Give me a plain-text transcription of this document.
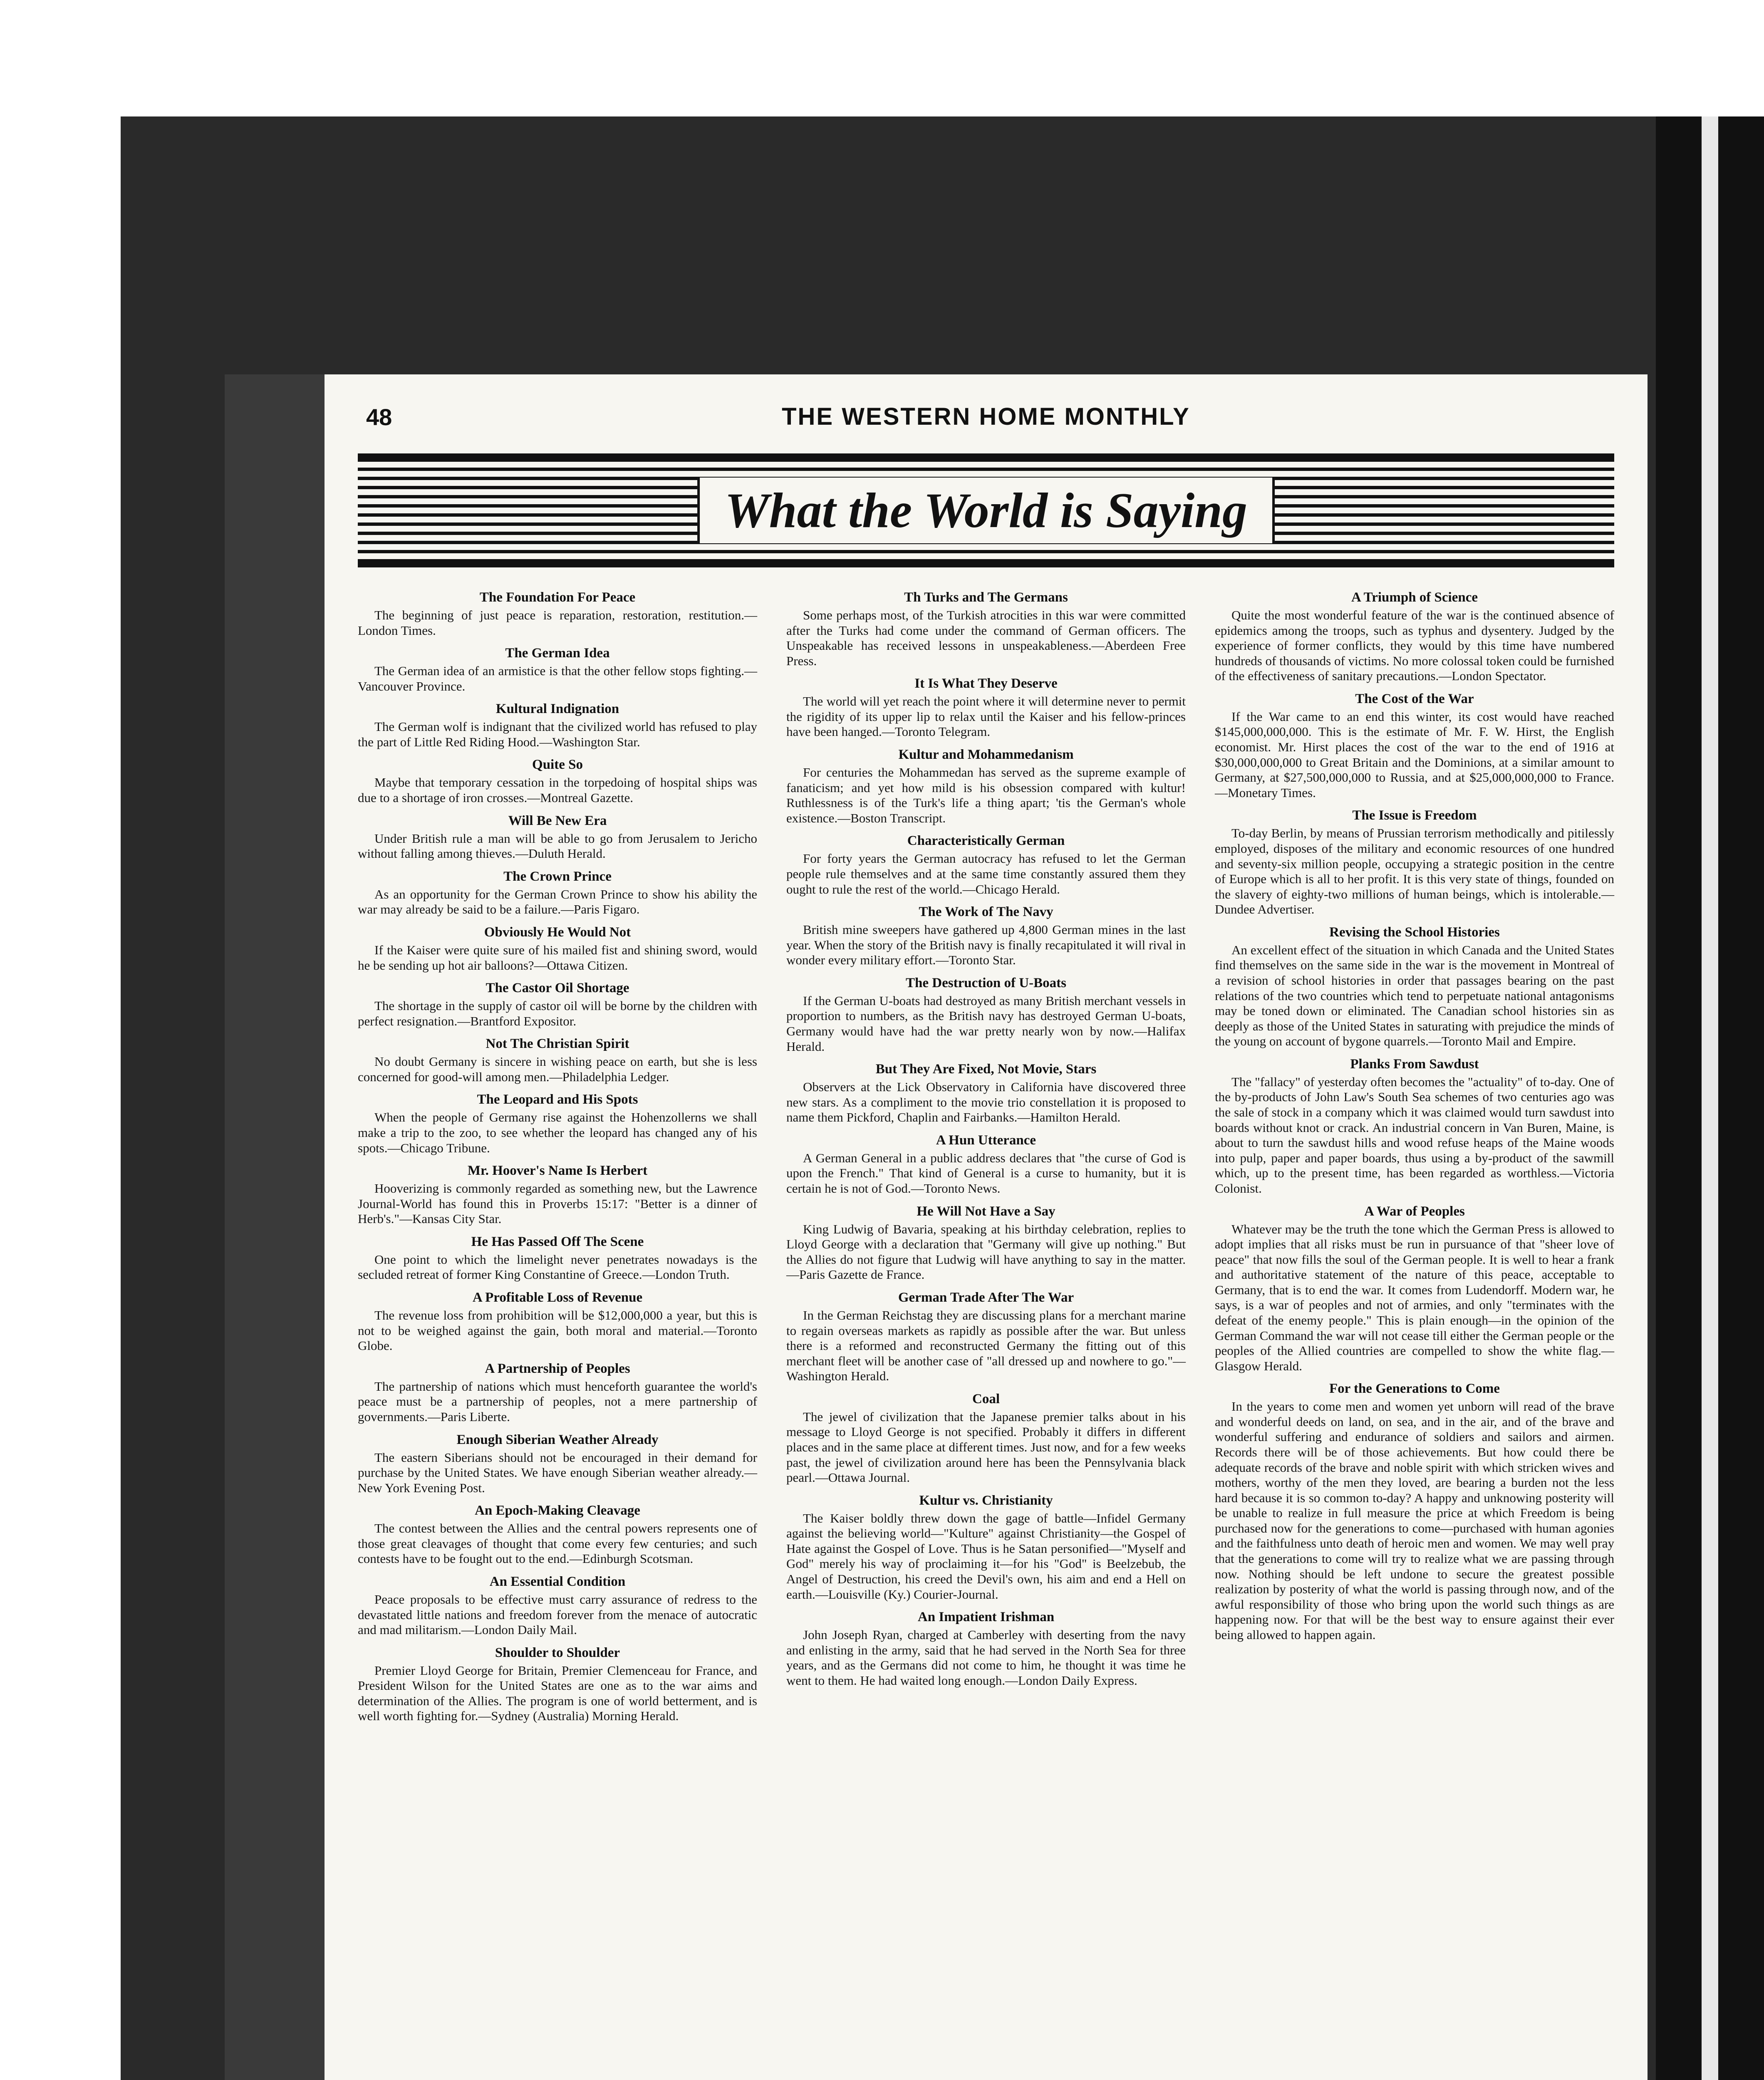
48	THE WESTERN HOME MONTHLY
What the World is Saying
The Foundation For Peace

The beginning of just peace is reparation, restoration, restitution.—London Times.

The German Idea

The German idea of an armistice is that the other fellow stops fighting.—Vancouver Province.

Kultural Indignation

The German wolf is indignant that the civilized world has refused to play the part of Little Red Riding Hood.—Washington Star.

Quite So

Maybe that temporary cessation in the torpedoing of hospital ships was due to a shortage of iron crosses.—Montreal Gazette.

Will Be New Era

Under British rule a man will be able to go from Jerusalem to Jericho without falling among thieves.—Duluth Herald.

The Crown Prince

As an opportunity for the German Crown Prince to show his ability the war may already be said to be a failure.—Paris Figaro.

Obviously He Would Not

If the Kaiser were quite sure of his mailed fist and shining sword, would he be sending up hot air balloons?—Ottawa Citizen.

The Castor Oil Shortage

The shortage in the supply of castor oil will be borne by the children with perfect resignation.—Brantford Expositor.

Not The Christian Spirit

No doubt Germany is sincere in wishing peace on earth, but she is less concerned for good-will among men.—Philadelphia Ledger.

The Leopard and His Spots

When the people of Germany rise against the Hohenzollerns we shall make a trip to the zoo, to see whether the leopard has changed any of his spots.—Chicago Tribune.

Mr. Hoover's Name Is Herbert

Hooverizing is commonly regarded as something new, but the Lawrence Journal-World has found this in Proverbs 15:17: "Better is a dinner of Herb's."—Kansas City Star.

He Has Passed Off The Scene

One point to which the limelight never penetrates nowadays is the secluded retreat of former King Constantine of Greece.—London Truth.

A Profitable Loss of Revenue

The revenue loss from prohibition will be $12,000,000 a year, but this is not to be weighed against the gain, both moral and material.—Toronto Globe.

A Partnership of Peoples

The partnership of nations which must henceforth guarantee the world's peace must be a partnership of peoples, not a mere partnership of governments.—Paris Liberte.

Enough Siberian Weather Already

The eastern Siberians should not be encouraged in their demand for purchase by the United States. We have enough Siberian weather already.—New York Evening Post.

An Epoch-Making Cleavage

The contest between the Allies and the central powers represents one of those great cleavages of thought that come every few centuries; and such contests have to be fought out to the end.—Edinburgh Scotsman.

An Essential Condition

Peace proposals to be effective must carry assurance of redress to the devastated little nations and freedom forever from the menace of autocratic and mad militarism.—London Daily Mail.

Shoulder to Shoulder

Premier Lloyd George for Britain, Premier Clemenceau for France, and President Wilson for the United States are one as to the war aims and determination of the Allies. The program is one of world betterment, and is well worth fighting for.—Sydney (Australia) Morning Herald.

Th Turks and The Germans

Some perhaps most, of the Turkish atrocities in this war were committed after the Turks had come under the command of German officers. The Unspeakable has received lessons in unspeakableness.—Aberdeen Free Press.

It Is What They Deserve

The world will yet reach the point where it will determine never to permit the rigidity of its upper lip to relax until the Kaiser and his fellow-princes have been hanged.—Toronto Telegram.

Kultur and Mohammedanism

For centuries the Mohammedan has served as the supreme example of fanaticism; and yet how mild is his obsession compared with kultur! Ruthlessness is of the Turk's life a thing apart; 'tis the German's whole existence.—Boston Transcript.

Characteristically German

For forty years the German autocracy has refused to let the German people rule themselves and at the same time constantly assured them they ought to rule the rest of the world.—Chicago Herald.

The Work of The Navy

British mine sweepers have gathered up 4,800 German mines in the last year. When the story of the British navy is finally recapitulated it will rival in wonder every military effort.—Toronto Star.

The Destruction of U-Boats

If the German U-boats had destroyed as many British merchant vessels in proportion to numbers, as the British navy has destroyed German U-boats, Germany would have had the war pretty nearly won by now.—Halifax Herald.

But They Are Fixed, Not Movie, Stars

Observers at the Lick Observatory in California have discovered three new stars. As a compliment to the movie trio constellation it is proposed to name them Pickford, Chaplin and Fairbanks.—Hamilton Herald.

A Hun Utterance

A German General in a public address declares that "the curse of God is upon the French." That kind of General is a curse to humanity, but it is certain he is not of God.—Toronto News.

He Will Not Have a Say

King Ludwig of Bavaria, speaking at his birthday celebration, replies to Lloyd George with a declaration that "Germany will give up nothing." But the Allies do not figure that Ludwig will have anything to say in the matter.—Paris Gazette de France.

German Trade After The War

In the German Reichstag they are discussing plans for a merchant marine to regain overseas markets as rapidly as possible after the war. But unless there is a reformed and reconstructed Germany the fitting out of this merchant fleet will be another case of "all dressed up and nowhere to go."—Washington Herald.

Coal

The jewel of civilization that the Japanese premier talks about in his message to Lloyd George is not specified. Probably it differs in different places and in the same place at different times. Just now, and for a few weeks past, the jewel of civilization around here has been the Pennsylvania black pearl.—Ottawa Journal.

Kultur vs. Christianity

The Kaiser boldly threw down the gage of battle—Infidel Germany against the believing world—"Kulture" against Christianity—the Gospel of Hate against the Gospel of Love. Thus is he Satan personified—"Myself and God" merely his way of proclaiming it—for his "God" is Beelzebub, the Angel of Destruction, his creed the Devil's own, his aim and end a Hell on earth.—Louisville (Ky.) Courier-Journal.

An Impatient Irishman

John Joseph Ryan, charged at Camberley with deserting from the navy and enlisting in the army, said that he had served in the North Sea for three years, and as the Germans did not come to him, he thought it was time he went to them. He had waited long enough.—London Daily Express.

A Triumph of Science

Quite the most wonderful feature of the war is the continued absence of epidemics among the troops, such as typhus and dysentery. Judged by the experience of former conflicts, they would by this time have numbered hundreds of thousands of victims. No more colossal token could be furnished of the effectiveness of sanitary precautions.—London Spectator.

The Cost of the War

If the War came to an end this winter, its cost would have reached $145,000,000,000. This is the estimate of Mr. F. W. Hirst, the English economist. Mr. Hirst places the cost of the war to the end of 1916 at $30,000,000,000 to Great Britain and the Dominions, at a similar amount to Germany, at $27,500,000,000 to Russia, and at $25,000,000,000 to France.—Monetary Times.

The Issue is Freedom

To-day Berlin, by means of Prussian terrorism methodically and pitilessly employed, disposes of the military and economic resources of one hundred and seventy-six million people, occupying a strategic position in the centre of Europe which is all to her profit. It is this very state of things, founded on the slavery of eighty-two millions of human beings, which is intolerable.—Dundee Advertiser.

Revising the School Histories

An excellent effect of the situation in which Canada and the United States find themselves on the same side in the war is the movement in Montreal of a revision of school histories in order that passages bearing on the past relations of the two countries which tend to perpetuate national antagonisms may be toned down or eliminated. The Canadian school histories sin as deeply as those of the United States in saturating with prejudice the minds of the young on account of bygone quarrels.—Toronto Mail and Empire.

Planks From Sawdust

The "fallacy" of yesterday often becomes the "actuality" of to-day. One of the by-products of John Law's South Sea schemes of two centuries ago was the sale of stock in a company which it was claimed would turn sawdust into boards without knot or crack. An industrial concern in Van Buren, Maine, is about to turn the sawdust hills and wood refuse heaps of the Maine woods into pulp, paper and paper boards, thus using a by-product of the sawmill which, up to the present time, has been regarded as worthless.—Victoria Colonist.

A War of Peoples

Whatever may be the truth the tone which the German Press is allowed to adopt implies that all risks must be run in pursuance of that "sheer love of peace" that now fills the soul of the German people. It is well to hear a frank and authoritative statement of the nature of this peace, acceptable to Germany, that is to end the war. It comes from Ludendorff. Modern war, he says, is a war of peoples and not of armies, and only "terminates with the defeat of the enemy people." This is plain enough—in the opinion of the German Command the war will not cease till either the German people or the peoples of the Allied countries are compelled to show the white flag.—Glasgow Herald.

For the Generations to Come

In the years to come men and women yet unborn will read of the brave and wonderful deeds on land, on sea, and in the air, and of the brave and wonderful suffering and endurance of soldiers and sailors and airmen. Records there will be of those achievements. But how could there be adequate records of the brave and noble spirit with which stricken wives and mothers, worthy of the men they loved, are bearing a burden not the less hard because it is so common to-day? A happy and unknowing posterity will be unable to realize in full measure the price at which Freedom is being purchased now for the generations to come—purchased with human agonies and the faithfulness unto death of heroic men and women. We may well pray that the generations to come will try to realize what we are passing through now. Nothing should be left undone to secure the greatest possible realization by posterity of what the world is passing through now, and of the awful responsibility of those who bring upon the world such things as are happening now. For that will be the best way to ensure against their ever being allowed to happen again.
